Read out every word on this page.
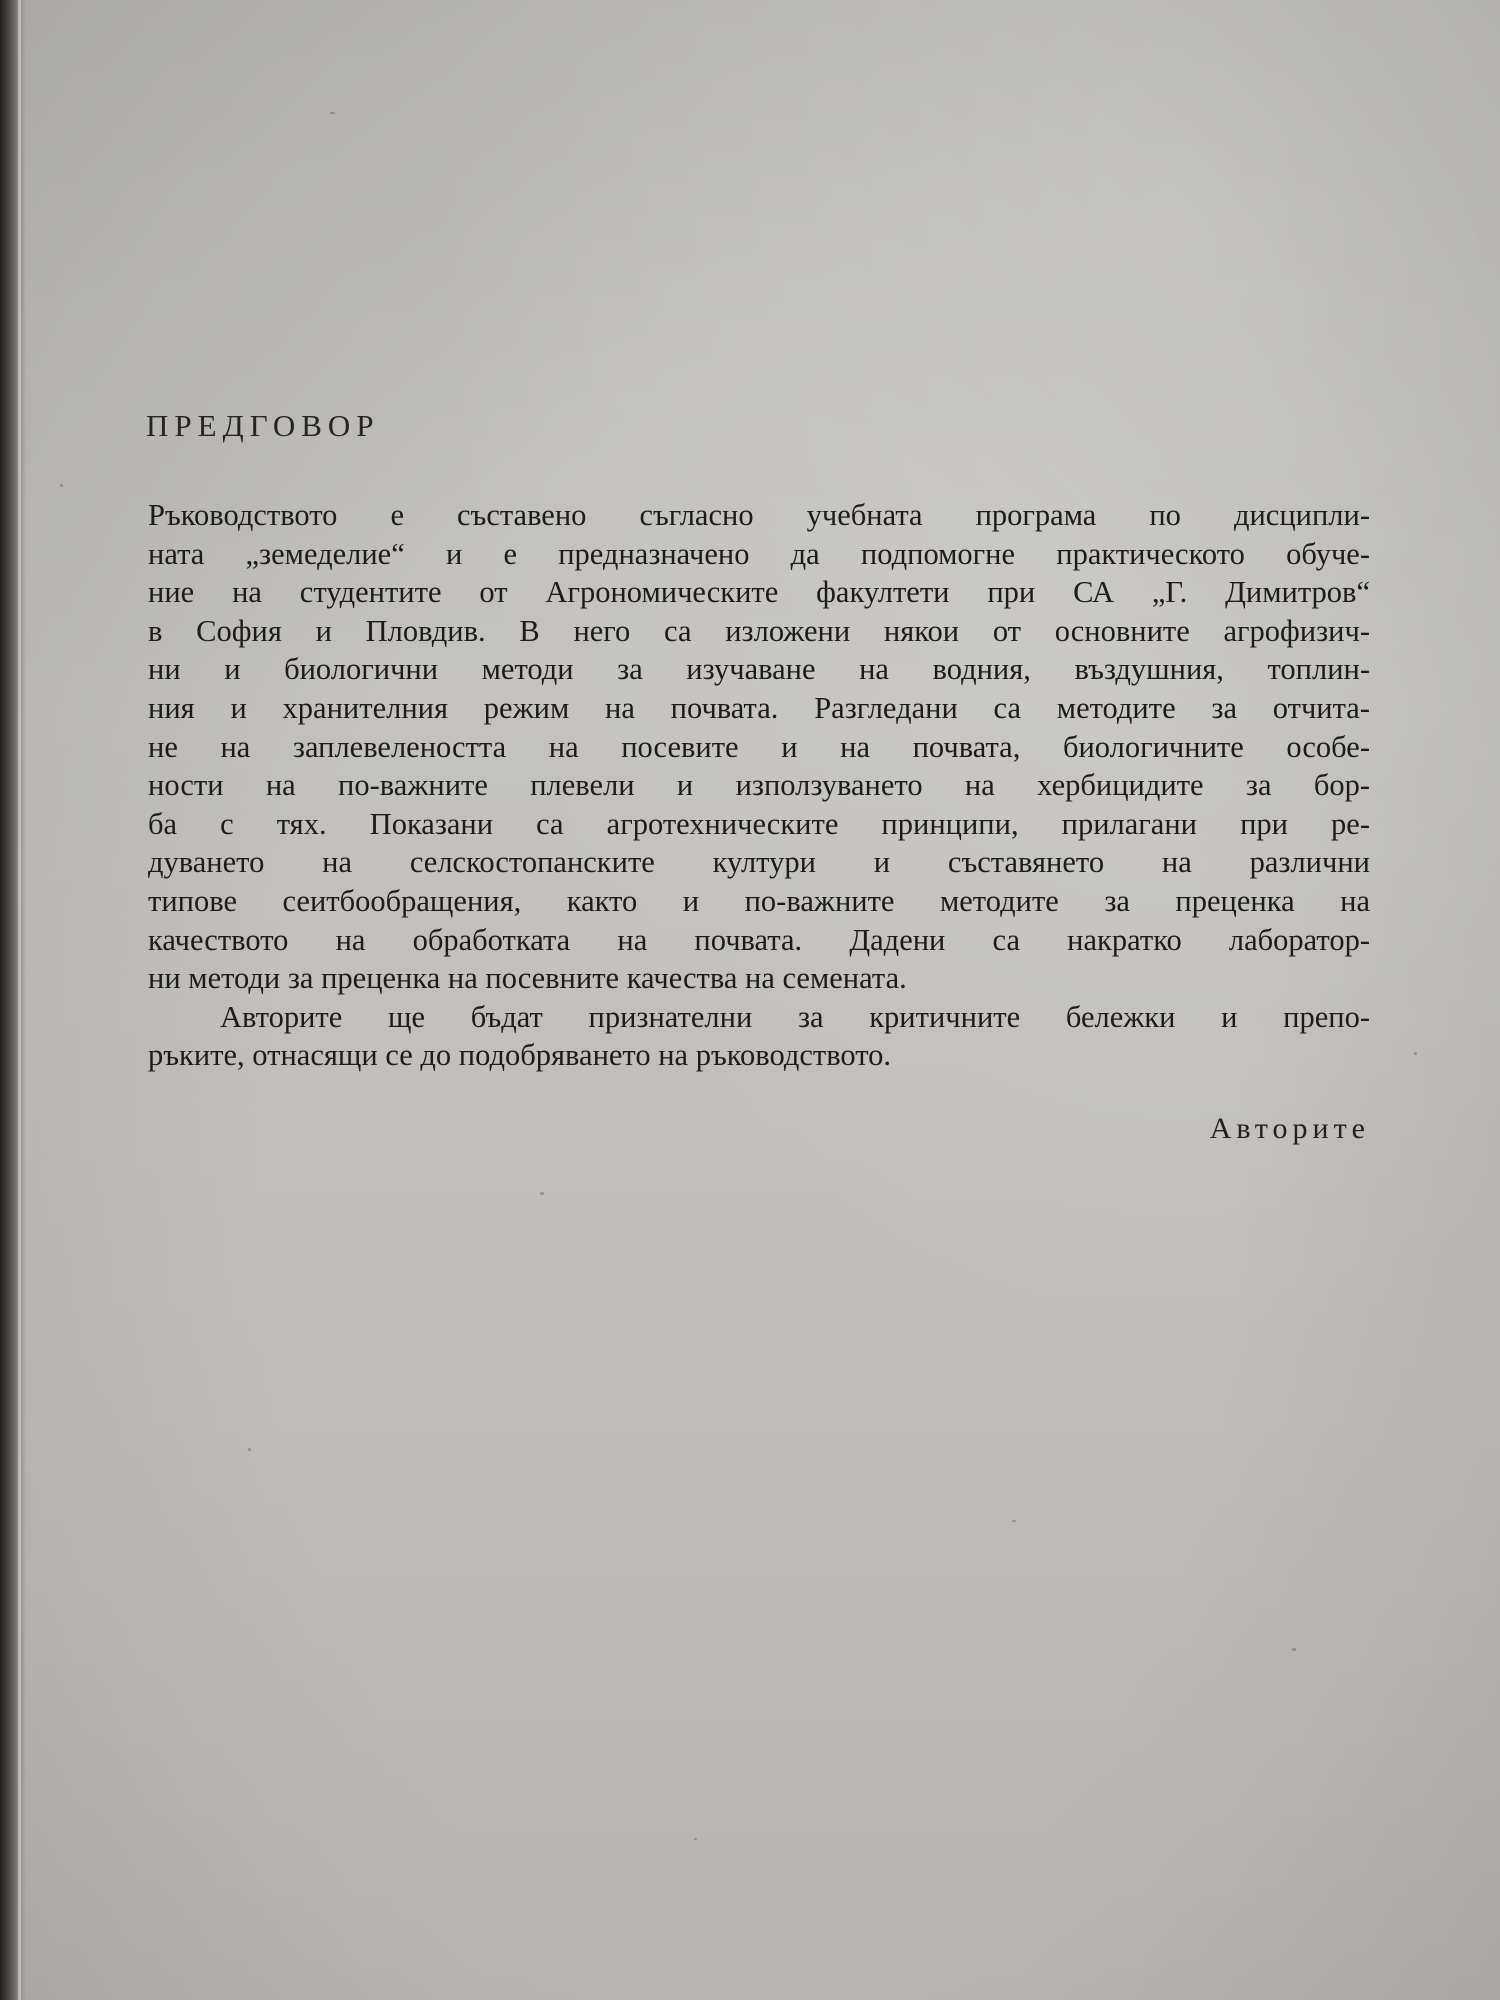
ПРЕДГОВОР
Ръководството е съставено съгласно учебната програма по дисципли-
ната „земеделие“ и е предназначено да подпомогне практическото обуче-
ние на студентите от Агрономическите факултети при СА „Г. Димитров“
в София и Пловдив. В него са изложени някои от основните агрофизич-
ни и биологични методи за изучаване на водния, въздушния, топлин-
ния и хранителния режим на почвата. Разгледани са методите за отчита-
не на заплевелеността на посевите и на почвата, биологичните особе-
ности на по-важните плевели и използуването на хербицидите за бор-
ба с тях. Показани са агротехническите принципи, прилагани при ре-
дуването на селскостопанските култури и съставянето на различни
типове сеитбообращения, както и по-важните методите за преценка на
качеството на обработката на почвата. Дадени са накратко лаборатор-
ни методи за преценка на посевните качества на семената.
Авторите ще бъдат признателни за критичните бележки и препо-
ръките, отнасящи се до подобряването на ръководството.
Авторите
